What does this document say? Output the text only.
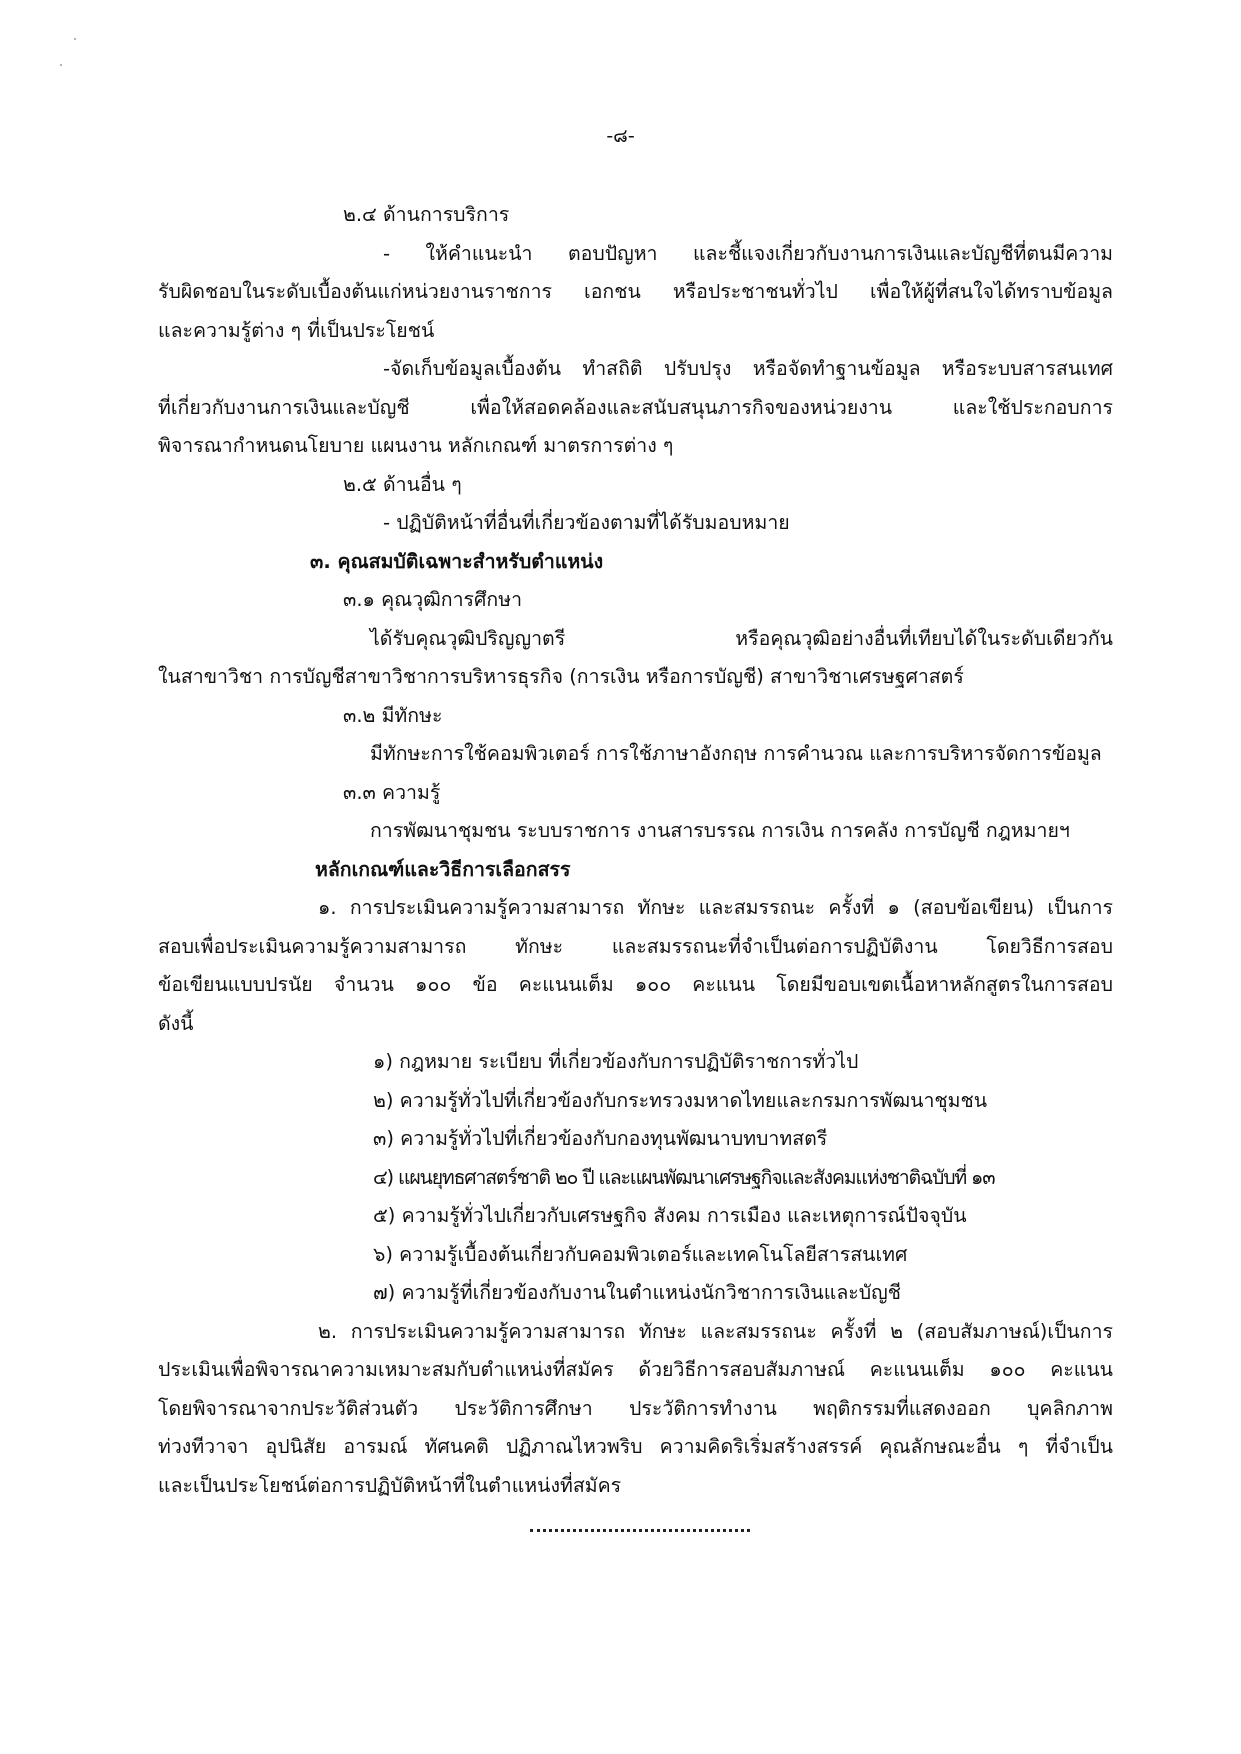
-๘-

๒.๔ ด้านการบริการ

- ให้คำแนะนำ ตอบปัญหา และชี้แจงเกี่ยวกับงานการเงินและบัญชีที่ตนมีความ

รับผิดชอบในระดับเบื้องต้นแก่หน่วยงานราชการ เอกชน หรือประชาชนทั่วไป เพื่อให้ผู้ที่สนใจได้ทราบข้อมูล

และความรู้ต่าง ๆ ที่เป็นประโยชน์

-จัดเก็บข้อมูลเบื้องต้น ทำสถิติ ปรับปรุง หรือจัดทำฐานข้อมูล หรือระบบสารสนเทศ

ที่เกี่ยวกับงานการเงินและบัญชี เพื่อให้สอดคล้องและสนับสนุนภารกิจของหน่วยงาน และใช้ประกอบการ

พิจารณากำหนดนโยบาย แผนงาน หลักเกณฑ์ มาตรการต่าง ๆ

๒.๕ ด้านอื่น ๆ

- ปฏิบัติหน้าที่อื่นที่เกี่ยวข้องตามที่ได้รับมอบหมาย

๓. คุณสมบัติเฉพาะสำหรับตำแหน่ง

๓.๑ คุณวุฒิการศึกษา

ได้รับคุณวุฒิปริญญาตรี หรือคุณวุฒิอย่างอื่นที่เทียบได้ในระดับเดียวกัน

ในสาขาวิชา การบัญชีสาขาวิชาการบริหารธุรกิจ (การเงิน หรือการบัญชี) สาขาวิชาเศรษฐศาสตร์

๓.๒ มีทักษะ

มีทักษะการใช้คอมพิวเตอร์ การใช้ภาษาอังกฤษ การคำนวณ และการบริหารจัดการข้อมูล

๓.๓ ความรู้

การพัฒนาชุมชน ระบบราชการ งานสารบรรณ การเงิน การคลัง การบัญชี กฎหมายฯ

หลักเกณฑ์และวิธีการเลือกสรร

๑. การประเมินความรู้ความสามารถ ทักษะ และสมรรถนะ ครั้งที่ ๑ (สอบข้อเขียน) เป็นการ

สอบเพื่อประเมินความรู้ความสามารถ ทักษะ และสมรรถนะที่จำเป็นต่อการปฏิบัติงาน โดยวิธีการสอบ

ข้อเขียนแบบปรนัย จำนวน ๑๐๐ ข้อ คะแนนเต็ม ๑๐๐ คะแนน โดยมีขอบเขตเนื้อหาหลักสูตรในการสอบ

ดังนี้

๑) กฎหมาย ระเบียบ ที่เกี่ยวข้องกับการปฏิบัติราชการทั่วไป

๒) ความรู้ทั่วไปที่เกี่ยวข้องกับกระทรวงมหาดไทยและกรมการพัฒนาชุมชน

๓) ความรู้ทั่วไปที่เกี่ยวข้องกับกองทุนพัฒนาบทบาทสตรี

๔) แผนยุทธศาสตร์ชาติ ๒๐ ปี และแผนพัฒนาเศรษฐกิจและสังคมแห่งชาติฉบับที่ ๑๓

๕) ความรู้ทั่วไปเกี่ยวกับเศรษฐกิจ สังคม การเมือง และเหตุการณ์ปัจจุบัน

๖) ความรู้เบื้องต้นเกี่ยวกับคอมพิวเตอร์และเทคโนโลยีสารสนเทศ

๗) ความรู้ที่เกี่ยวข้องกับงานในตำแหน่งนักวิชาการเงินและบัญชี

๒. การประเมินความรู้ความสามารถ ทักษะ และสมรรถนะ ครั้งที่ ๒ (สอบสัมภาษณ์)เป็นการ

ประเมินเพื่อพิจารณาความเหมาะสมกับตำแหน่งที่สมัคร ด้วยวิธีการสอบสัมภาษณ์ คะแนนเต็ม ๑๐๐ คะแนน

โดยพิจารณาจากประวัติส่วนตัว ประวัติการศึกษา ประวัติการทำงาน พฤติกรรมที่แสดงออก บุคลิกภาพ

ท่วงทีวาจา อุปนิสัย อารมณ์ ทัศนคติ ปฏิภาณไหวพริบ ความคิดริเริ่มสร้างสรรค์ คุณลักษณะอื่น ๆ ที่จำเป็น

และเป็นประโยชน์ต่อการปฏิบัติหน้าที่ในตำแหน่งที่สมัคร
